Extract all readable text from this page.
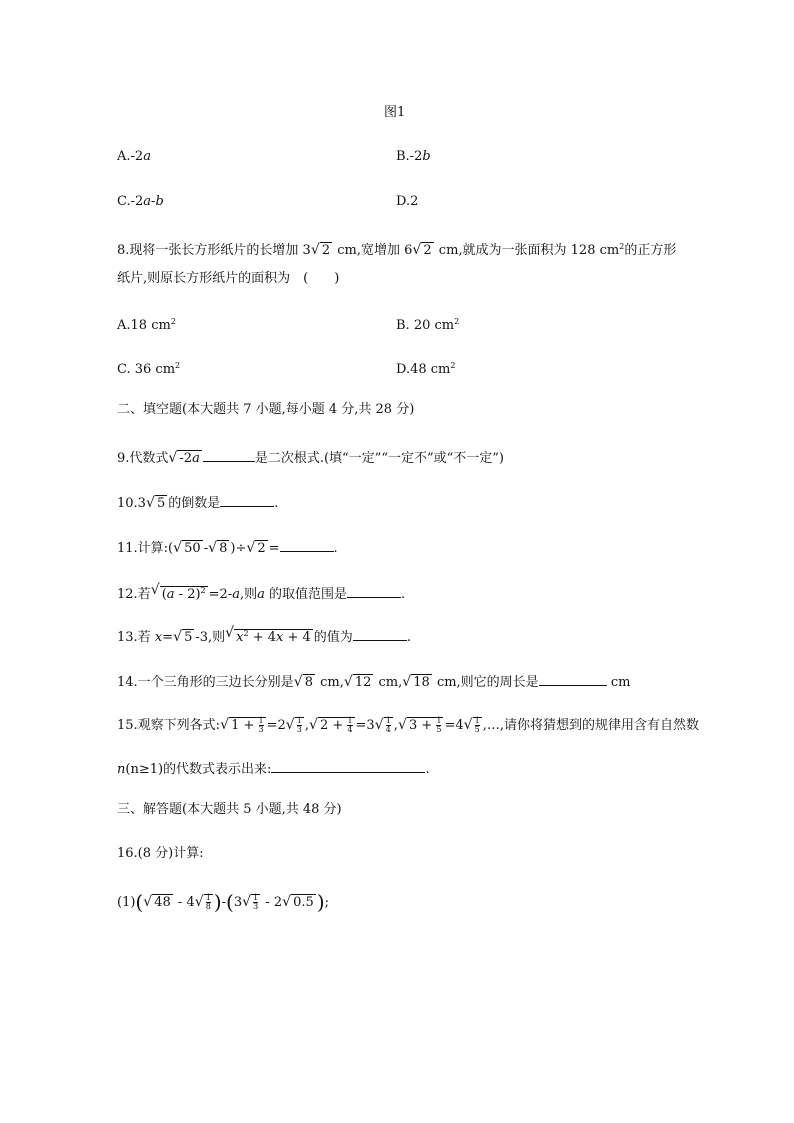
图1
A.-2a	B.-2b
C.-2a-b	D.2
8.现将一张长方形纸片的长增加 3√ 2 cm,宽增加 6√ 2 cm,就成为一张面积为 128 $cm^2$的正方形
纸片,则原长方形纸片的面积为　(　　)
A.18 $cm^2$	B. 20 $cm^2$
C. 36 $cm^2$	D.48 $cm^2$
二、填空题(本大题共 7 小题,每小题 4 分,共 28 分)
9.代数式√ -2a	是二次根式.(填“一定”“一定不”或“不一定”)
10.3√ 5 的倒数是	.
11.计算:(√ 50 -√ 8 )÷√ 2 =	.
12.若√ (a - 2)$^2$ =2-a,则a 的取值范围是	.
13.若 x=√ 5 -3,则√ $x^2 + 4x + 4$ 的值为	.
14.一个三角形的三边长分别是√ 8 cm,√ 12 cm,√ 18 cm,则它的周长是	cm
15.观察下列各式:√ $1 + \frac{1}{3} =2$
√ $\frac{1}{3}$ ,√ $2 + \frac{1}{4} =3$
√ $\frac{1}{4}$ ,√ $3 + \frac{1}{5} =4$
√ $\frac{1}{5}$ ,…,请你将猜想到的规律用含有自然数
n(n≥1)的代数式表示出来:	.
三、解答题(本大题共 5 小题,共 48 分)
16.(8 分)计算:
(1)(√ 48 - 4
√ $\frac{1}{8} )-(3$
√ $\frac{1}{3} - 2√$ 0.5 );
